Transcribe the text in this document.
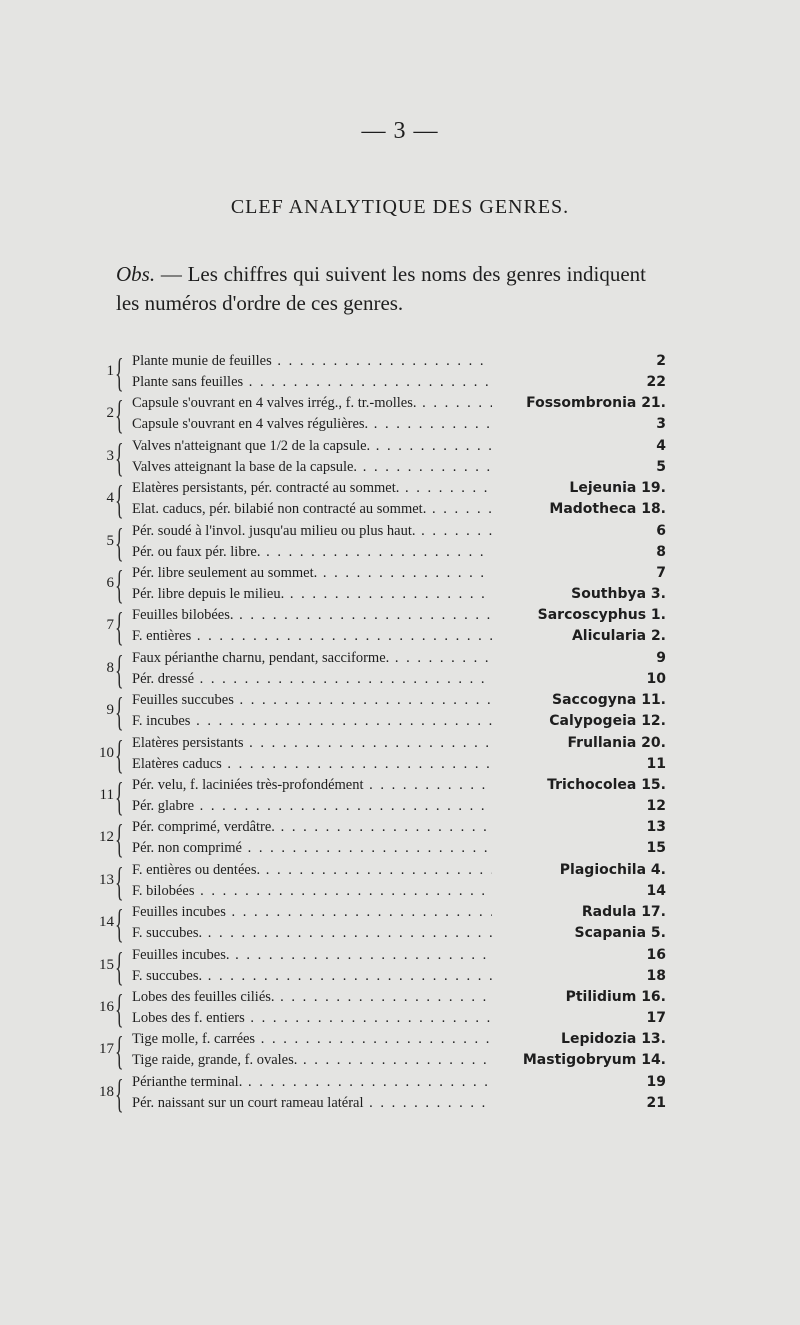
— 3 —
CLEF ANALYTIQUE DES GENRES.
Obs. — Les chiffres qui suivent les noms des genres indiquent les numéros d'ordre de ces genres.
1 { Plante munie de feuilles . . .	2
Plante sans feuilles . . .	22
2 { Capsule s'ouvrant en 4 valves irrég., f. tr.-molles. . . .	Fossombronia 21.
Capsule s'ouvrant en 4 valves régulières. . . .	3
3 { Valves n'atteignant que 1/2 de la capsule. . . .	4
Valves atteignant la base de la capsule. . . .	5
4 { Elatères persistants, pér. contracté au sommet. . . .	Lejeunia 19.
Elat. caducs, pér. bilabié non contracté au sommet. . . .	Madotheca 18.
5 { Pér. soudé à l'invol. jusqu'au milieu ou plus haut. . . .	6
Pér. ou faux pér. libre. . . .	8
6 { Pér. libre seulement au sommet. . . .	7
Pér. libre depuis le milieu. . . .	Southbya 3.
7 { Feuilles bilobées. . . .	Sarcoscyphus 1.
F. entières . . .	Alicularia 2.
8 { Faux périanthe charnu, pendant, sacciforme. . . .	9
Pér. dressé . . .	10
9 { Feuilles succubes . . .	Saccogyna 11.
F. incubes . . .	Calypogeia 12.
10 { Elatères persistants . . .	Frullania 20.
Elatères caducs . . .	11
11 { Pér. velu, f. laciniées très-profondément . . .	Trichocolea 15.
Pér. glabre . . .	12
12 { Pér. comprimé, verdâtre. . . .	13
Pér. non comprimé . . .	15
13 { F. entières ou dentées. . . .	Plagiochila 4.
F. bilobées . . .	14
14 { Feuilles incubes . . .	Radula 17.
F. succubes. . . .	Scapania 5.
15 { Feuilles incubes. . . .	16
F. succubes. . . .	18
16 { Lobes des feuilles ciliés. . . .	Ptilidium 16.
Lobes des f. entiers . . .	17
17 { Tige molle, f. carrées . . .	Lepidozia 13.
Tige raide, grande, f. ovales. . . .	Mastigobryum 14.
18 { Périanthe terminal. . . .	19
Pér. naissant sur un court rameau latéral . . .	21
